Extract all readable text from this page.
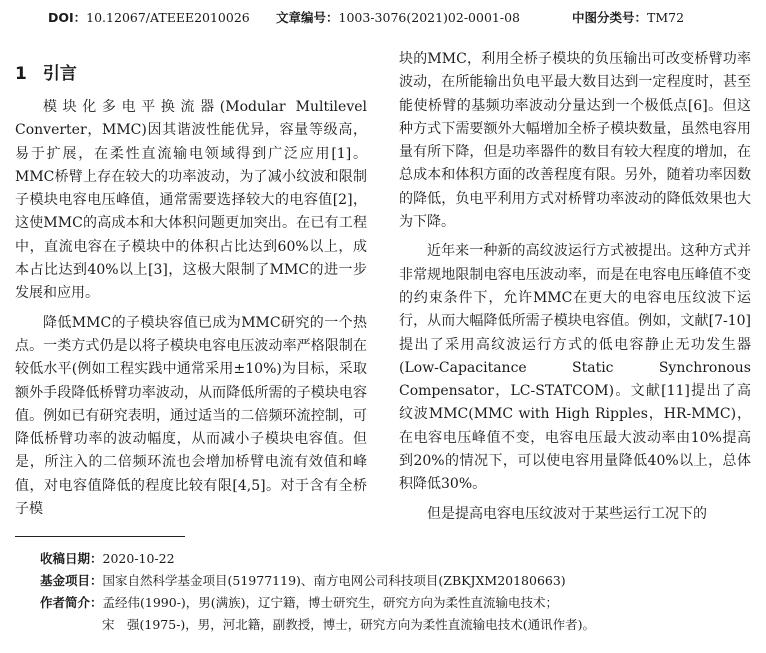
DOI：10.12067/ATEEE2010026 文章编号：1003-3076(2021)02-0001-08	中图分类号：TM72
1 引言

模块化多电平换流器(Modular Multilevel Converter，MMC)因其谐波性能优异，容量等级高，易于扩展，在柔性直流输电领域得到广泛应用[1]。MMC桥臂上存在较大的功率波动，为了减小纹波和限制子模块电容电压峰值，通常需要选择较大的电容值[2]，这使MMC的高成本和大体积问题更加突出。在已有工程中，直流电容在子模块中的体积占比达到60%以上，成本占比达到40%以上[3]，这极大限制了MMC的进一步发展和应用。

降低MMC的子模块容值已成为MMC研究的一个热点。一类方式仍是以将子模块电容电压波动率严格限制在较低水平(例如工程实践中通常采用±10%)为目标，采取额外手段降低桥臂功率波动，从而降低所需的子模块电容值。例如已有研究表明，通过适当的二倍频环流控制，可降低桥臂功率的波动幅度，从而减小子模块电容值。但是，所注入的二倍频环流也会增加桥臂电流有效值和峰值，对电容值降低的程度比较有限[4,5]。对于含有全桥子模

块的MMC，利用全桥子模块的负压输出可改变桥臂功率波动，在所能输出负电平最大数目达到一定程度时，甚至能使桥臂的基频功率波动分量达到一个极低点[6]。但这种方式下需要额外大幅增加全桥子模块数量，虽然电容用量有所下降，但是功率器件的数目有较大程度的增加，在总成本和体积方面的改善程度有限。另外，随着功率因数的降低，负电平利用方式对桥臂功率波动的降低效果也大为下降。

近年来一种新的高纹波运行方式被提出。这种方式并非常规地限制电容电压波动率，而是在电容电压峰值不变的约束条件下，允许MMC在更大的电容电压纹波下运行，从而大幅降低所需子模块电容值。例如，文献[7-10]提出了采用高纹波运行方式的低电容静止无功发生器(Low-Capacitance Static Synchronous Compensator，LC-STATCOM)。文献[11]提出了高纹波MMC(MMC with High Ripples，HR-MMC)，在电容电压峰值不变，电容电压最大波动率由10%提高到20%的情况下，可以使电容用量降低40%以上，总体积降低30%。

但是提高电容电压纹波对于某些运行工况下的

收稿日期：2020-10-22
基金项目：国家自然科学基金项目(51977119)、南方电网公司科技项目(ZBKJXM20180663)
作者简介：孟经伟(1990-)，男(满族)，辽宁籍，博士研究生，研究方向为柔性直流输电技术；
宋　强(1975-)，男，河北籍，副教授，博士，研究方向为柔性直流输电技术(通讯作者)。
